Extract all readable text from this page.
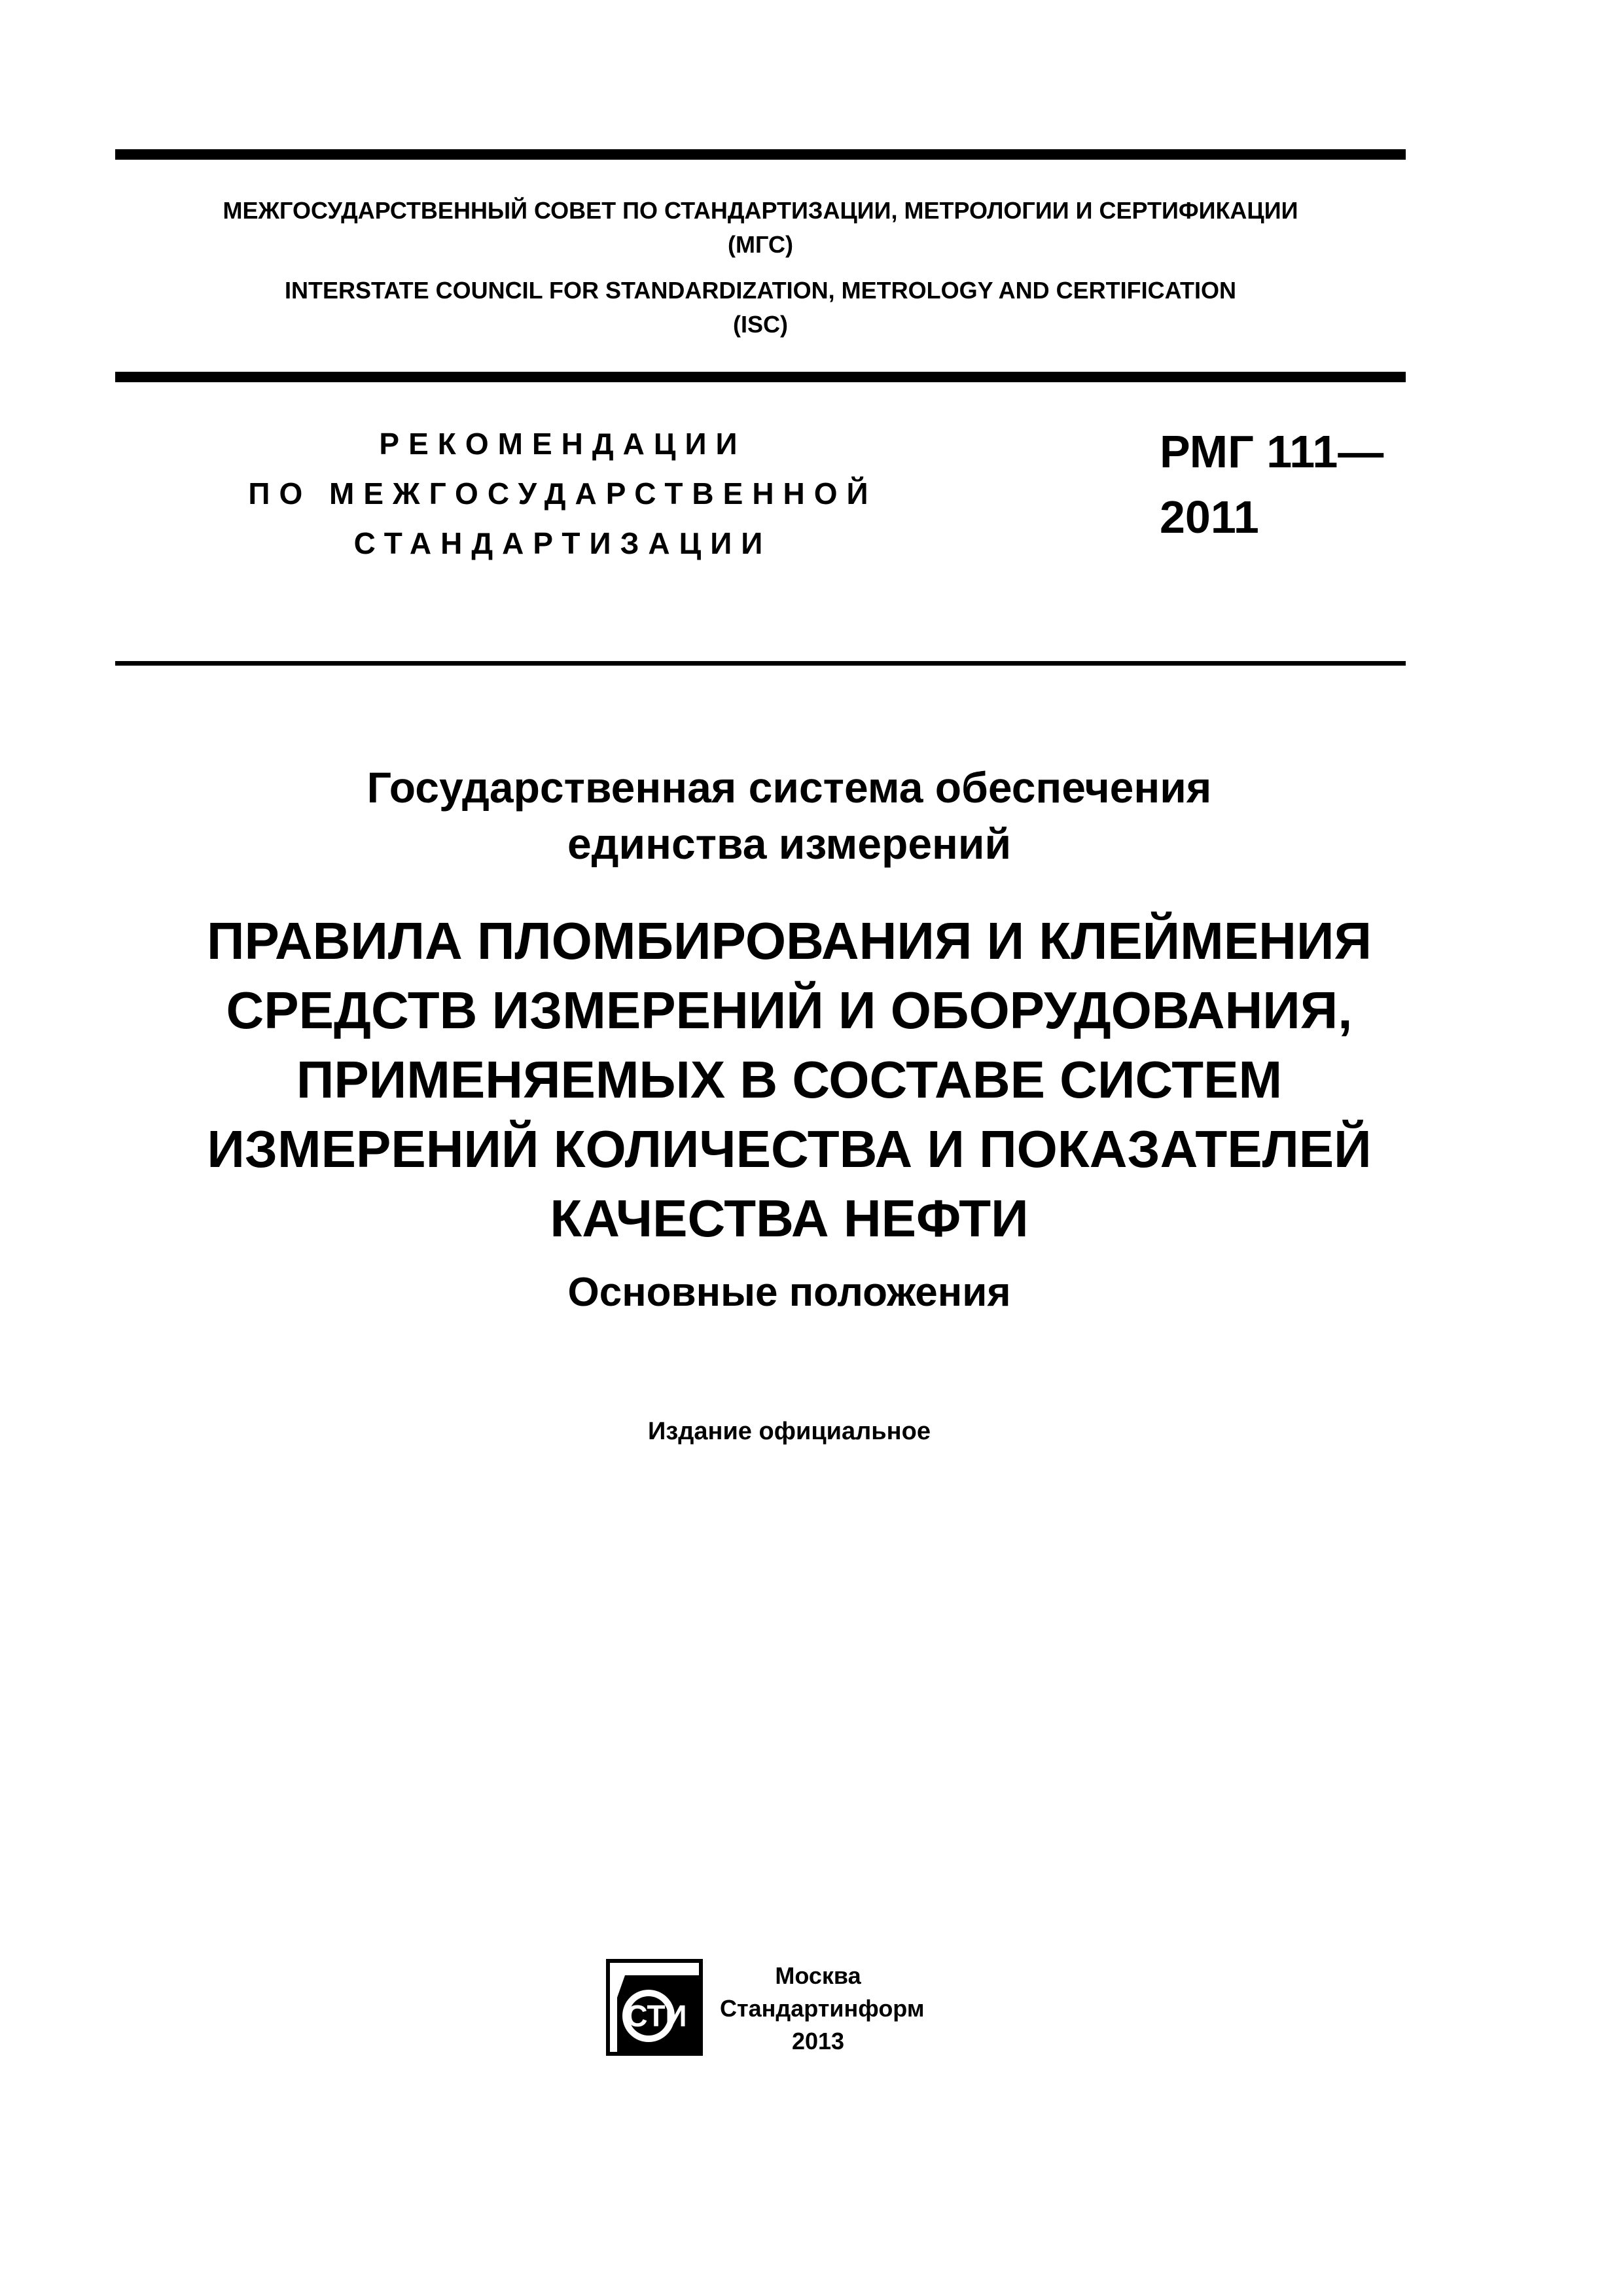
МЕЖГОСУДАРСТВЕННЫЙ СОВЕТ ПО СТАНДАРТИЗАЦИИ, МЕТРОЛОГИИ И СЕРТИФИКАЦИИ
(МГС)
INTERSTATE COUNCIL FOR STANDARDIZATION, METROLOGY AND CERTIFICATION
(ISC)
РЕКОМЕНДАЦИИ
ПО МЕЖГОСУДАРСТВЕННОЙ
СТАНДАРТИЗАЦИИ
РМГ 111—
2011
Государственная система обеспечения
единства измерений
ПРАВИЛА ПЛОМБИРОВАНИЯ И КЛЕЙМЕНИЯ
СРЕДСТВ ИЗМЕРЕНИЙ И ОБОРУДОВАНИЯ,
ПРИМЕНЯЕМЫХ В СОСТАВЕ СИСТЕМ
ИЗМЕРЕНИЙ КОЛИЧЕСТВА И ПОКАЗАТЕЛЕЙ
КАЧЕСТВА НЕФТИ
Основные положения
Издание официальное
СТИ
Москва
Стандартинформ
2013
